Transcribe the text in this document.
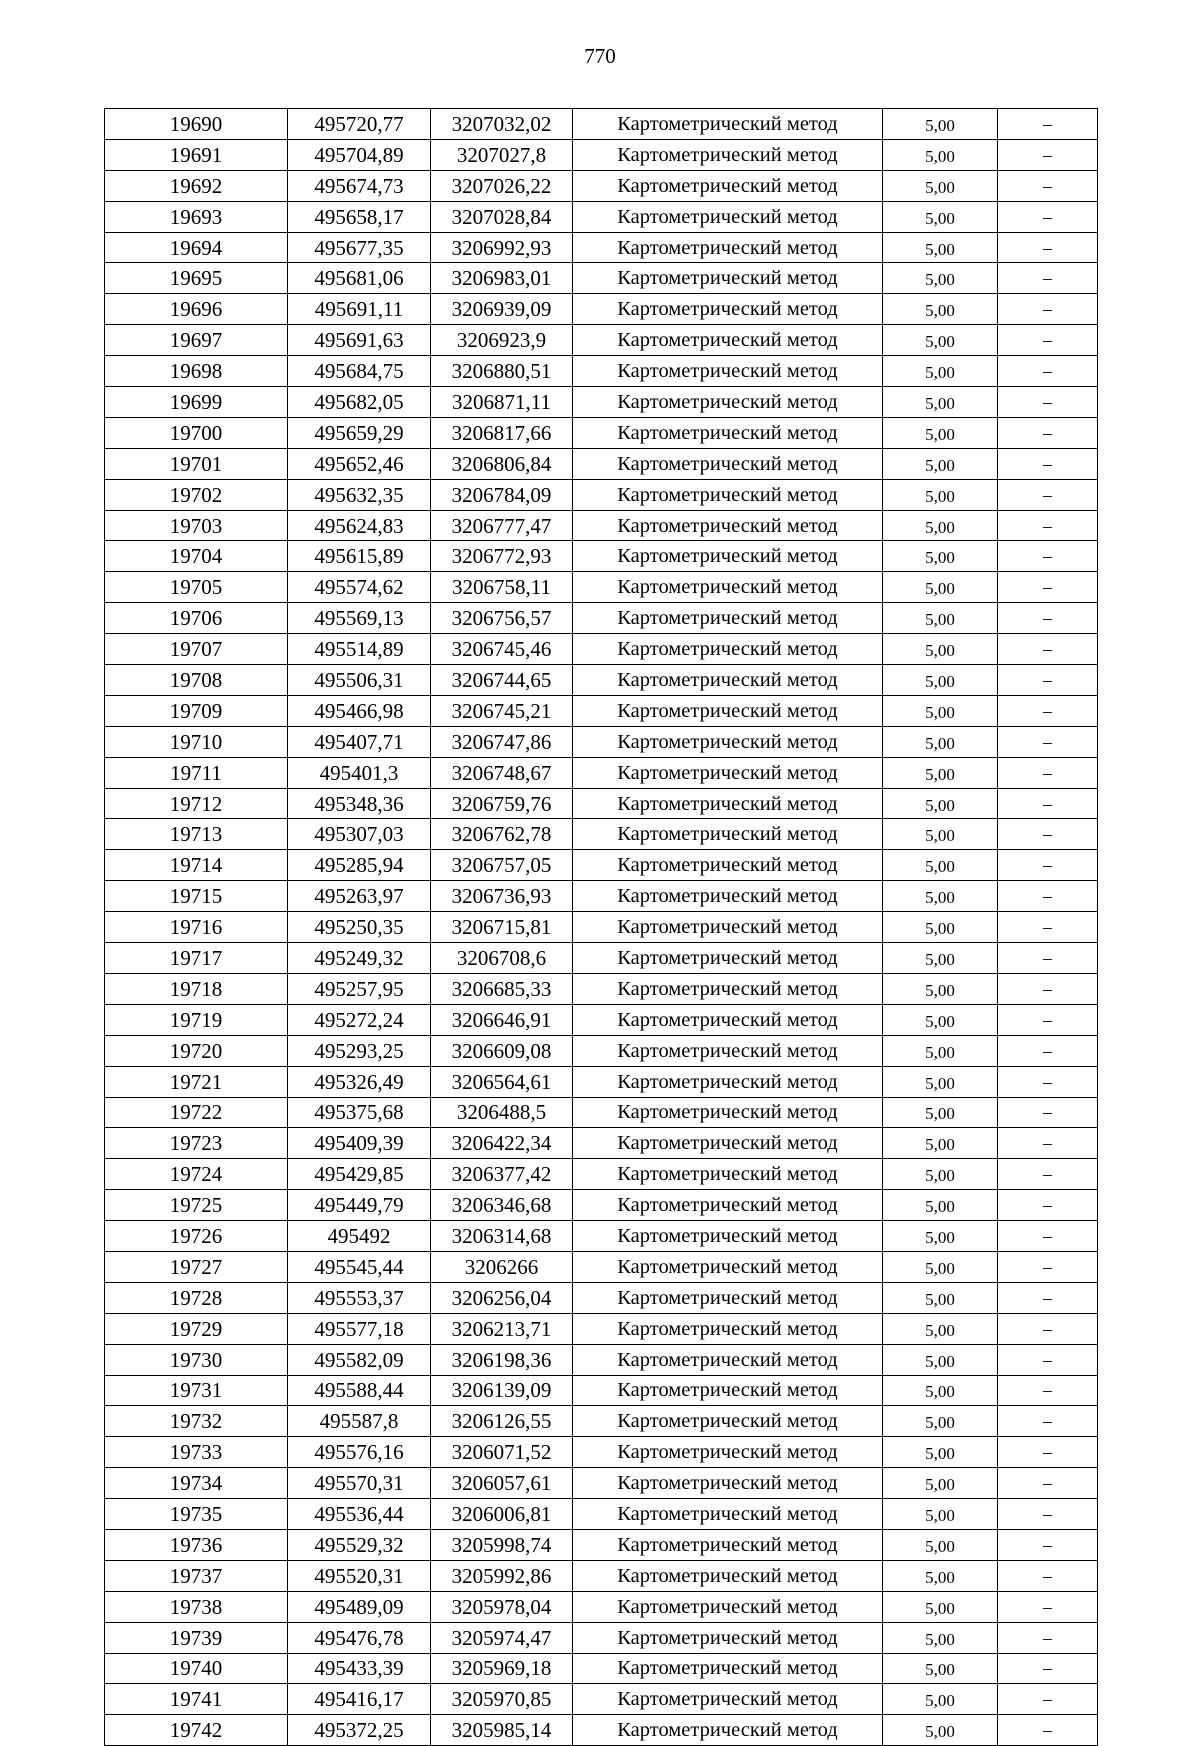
770
19690	495720,77	3207032,02	Картометрический метод	5,00	–
19691	495704,89	3207027,8	Картометрический метод	5,00	–
19692	495674,73	3207026,22	Картометрический метод	5,00	–
19693	495658,17	3207028,84	Картометрический метод	5,00	–
19694	495677,35	3206992,93	Картометрический метод	5,00	–
19695	495681,06	3206983,01	Картометрический метод	5,00	–
19696	495691,11	3206939,09	Картометрический метод	5,00	–
19697	495691,63	3206923,9	Картометрический метод	5,00	–
19698	495684,75	3206880,51	Картометрический метод	5,00	–
19699	495682,05	3206871,11	Картометрический метод	5,00	–
19700	495659,29	3206817,66	Картометрический метод	5,00	–
19701	495652,46	3206806,84	Картометрический метод	5,00	–
19702	495632,35	3206784,09	Картометрический метод	5,00	–
19703	495624,83	3206777,47	Картометрический метод	5,00	–
19704	495615,89	3206772,93	Картометрический метод	5,00	–
19705	495574,62	3206758,11	Картометрический метод	5,00	–
19706	495569,13	3206756,57	Картометрический метод	5,00	–
19707	495514,89	3206745,46	Картометрический метод	5,00	–
19708	495506,31	3206744,65	Картометрический метод	5,00	–
19709	495466,98	3206745,21	Картометрический метод	5,00	–
19710	495407,71	3206747,86	Картометрический метод	5,00	–
19711	495401,3	3206748,67	Картометрический метод	5,00	–
19712	495348,36	3206759,76	Картометрический метод	5,00	–
19713	495307,03	3206762,78	Картометрический метод	5,00	–
19714	495285,94	3206757,05	Картометрический метод	5,00	–
19715	495263,97	3206736,93	Картометрический метод	5,00	–
19716	495250,35	3206715,81	Картометрический метод	5,00	–
19717	495249,32	3206708,6	Картометрический метод	5,00	–
19718	495257,95	3206685,33	Картометрический метод	5,00	–
19719	495272,24	3206646,91	Картометрический метод	5,00	–
19720	495293,25	3206609,08	Картометрический метод	5,00	–
19721	495326,49	3206564,61	Картометрический метод	5,00	–
19722	495375,68	3206488,5	Картометрический метод	5,00	–
19723	495409,39	3206422,34	Картометрический метод	5,00	–
19724	495429,85	3206377,42	Картометрический метод	5,00	–
19725	495449,79	3206346,68	Картометрический метод	5,00	–
19726	495492	3206314,68	Картометрический метод	5,00	–
19727	495545,44	3206266	Картометрический метод	5,00	–
19728	495553,37	3206256,04	Картометрический метод	5,00	–
19729	495577,18	3206213,71	Картометрический метод	5,00	–
19730	495582,09	3206198,36	Картометрический метод	5,00	–
19731	495588,44	3206139,09	Картометрический метод	5,00	–
19732	495587,8	3206126,55	Картометрический метод	5,00	–
19733	495576,16	3206071,52	Картометрический метод	5,00	–
19734	495570,31	3206057,61	Картометрический метод	5,00	–
19735	495536,44	3206006,81	Картометрический метод	5,00	–
19736	495529,32	3205998,74	Картометрический метод	5,00	–
19737	495520,31	3205992,86	Картометрический метод	5,00	–
19738	495489,09	3205978,04	Картометрический метод	5,00	–
19739	495476,78	3205974,47	Картометрический метод	5,00	–
19740	495433,39	3205969,18	Картометрический метод	5,00	–
19741	495416,17	3205970,85	Картометрический метод	5,00	–
19742	495372,25	3205985,14	Картометрический метод	5,00	–
